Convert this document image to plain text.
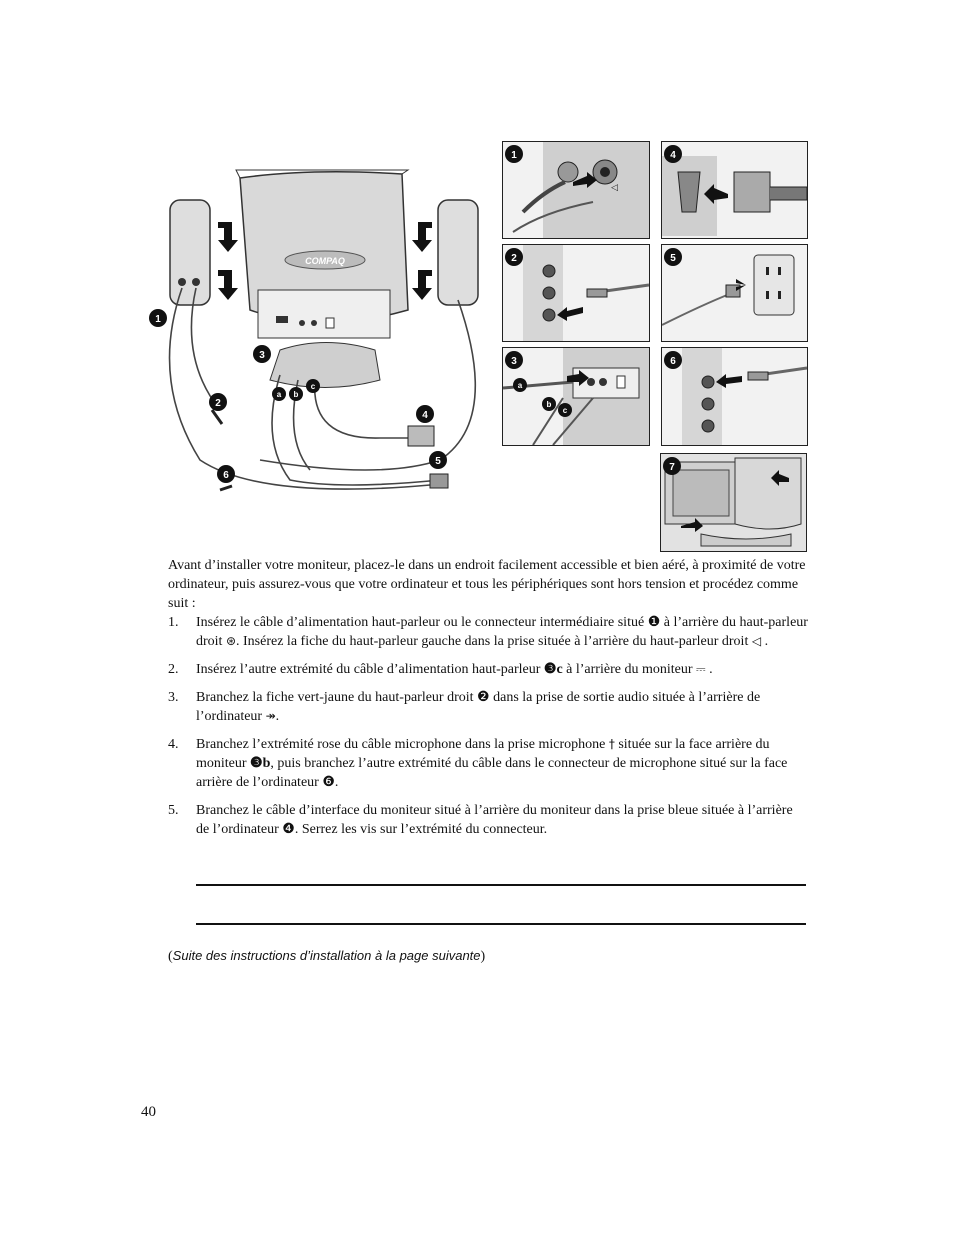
COMPAQ
1
2
3
4
5
6
a b
c
◁
1	4
2	5
a
b
c
3	6
7

Avant d’installer votre moniteur, placez-le dans un endroit facilement accessible et bien aéré, à proximité de votre ordinateur, puis assurez-vous que votre ordinateur et tous les périphériques sont hors tension et procédez comme suit :

1. Insérez le câble d’alimentation haut-parleur ou le connecteur intermédiaire situé ❶ à l’arrière du haut-parleur droit ⊛. Insérez la fiche du haut-parleur gauche dans la prise située à l’arrière du haut-parleur droit ◁ .
2. Insérez l’autre extrémité du câble d’alimentation haut-parleur ❸c à l’arrière du moniteur ⎓ .
3. Branchez la fiche vert-jaune du haut-parleur droit ❷ dans la prise de sortie audio située à l’arrière de l’ordinateur ↠.
4. Branchez l’extrémité rose du câble microphone dans la prise microphone † située sur la face arrière du moniteur ❸b, puis branchez l’autre extrémité du câble dans le connecteur de microphone situé sur la face arrière de l’ordinateur ❻.
5. Branchez le câble d’interface du moniteur situé à l’arrière du moniteur dans la prise bleue située à l’arrière de l’ordinateur ❹. Serrez les vis sur l’extrémité du connecteur.
(Suite des instructions d’installation à la page suivante)
40
